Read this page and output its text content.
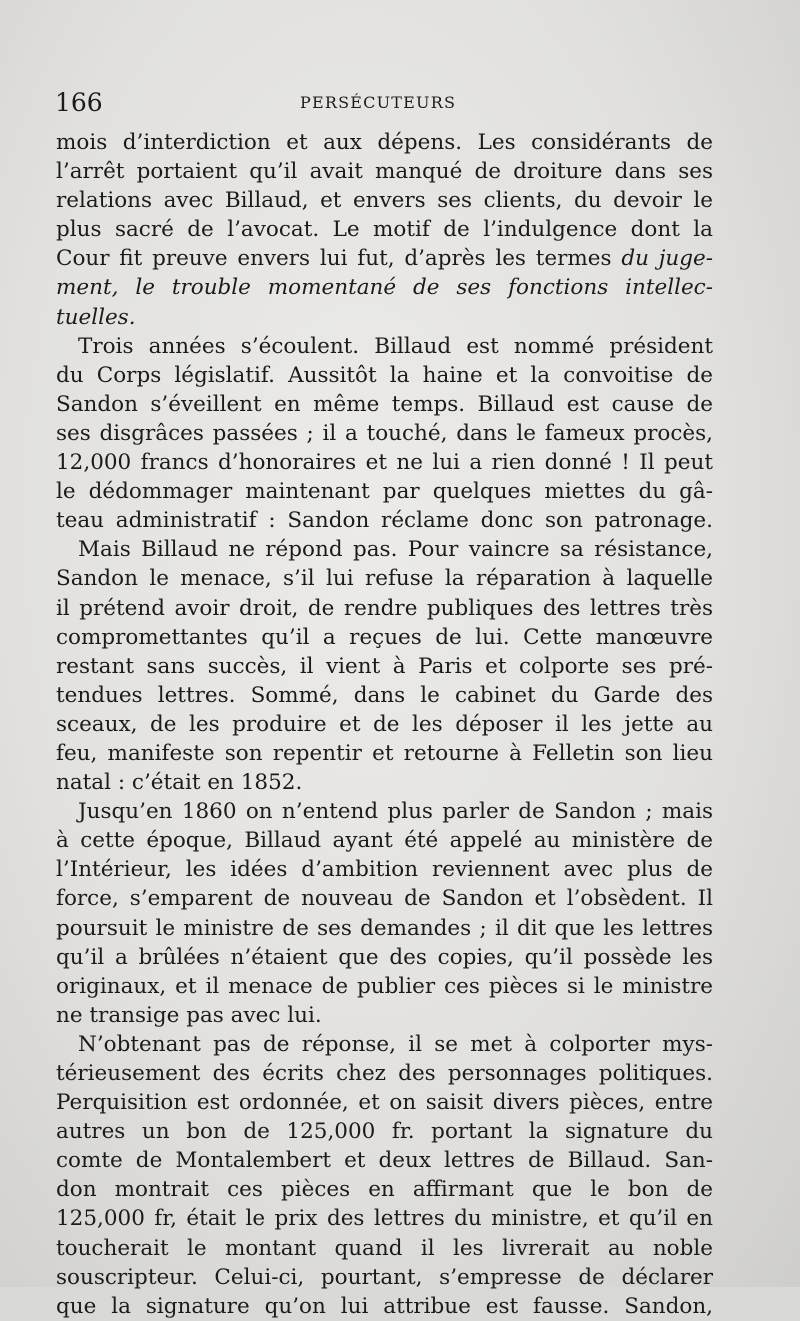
166	PERSÉCUTEURS
mois d’interdiction et aux dépens. Les considérants de
l’arrêt portaient qu’il avait manqué de droiture dans ses
relations avec Billaud, et envers ses clients, du devoir le
plus sacré de l’avocat. Le motif de l’indulgence dont la
Cour fit preuve envers lui fut, d’après les termes du juge-
ment, le trouble momentané de ses fonctions intellec-
tuelles.
Trois années s’écoulent. Billaud est nommé président
du Corps législatif. Aussitôt la haine et la convoitise de
Sandon s’éveillent en même temps. Billaud est cause de
ses disgrâces passées ; il a touché, dans le fameux procès,
12,000 francs d’honoraires et ne lui a rien donné ! Il peut
le dédommager maintenant par quelques miettes du gâ-
teau administratif : Sandon réclame donc son patronage.
Mais Billaud ne répond pas. Pour vaincre sa résistance,
Sandon le menace, s’il lui refuse la réparation à laquelle
il prétend avoir droit, de rendre publiques des lettres très
compromettantes qu’il a reçues de lui. Cette manœuvre
restant sans succès, il vient à Paris et colporte ses pré-
tendues lettres. Sommé, dans le cabinet du Garde des
sceaux, de les produire et de les déposer il les jette au
feu, manifeste son repentir et retourne à Felletin son lieu
natal : c’était en 1852.
Jusqu’en 1860 on n’entend plus parler de Sandon ; mais
à cette époque, Billaud ayant été appelé au ministère de
l’Intérieur, les idées d’ambition reviennent avec plus de
force, s’emparent de nouveau de Sandon et l’obsèdent. Il
poursuit le ministre de ses demandes ; il dit que les lettres
qu’il a brûlées n’étaient que des copies, qu’il possède les
originaux, et il menace de publier ces pièces si le ministre
ne transige pas avec lui.
N’obtenant pas de réponse, il se met à colporter mys-
térieusement des écrits chez des personnages politiques.
Perquisition est ordonnée, et on saisit divers pièces, entre
autres un bon de 125,000 fr. portant la signature du
comte de Montalembert et deux lettres de Billaud. San-
don montrait ces pièces en affirmant que le bon de
125,000 fr, était le prix des lettres du ministre, et qu’il en
toucherait le montant quand il les livrerait au noble
souscripteur. Celui-ci, pourtant, s’empresse de déclarer
que la signature qu’on lui attribue est fausse. Sandon,
